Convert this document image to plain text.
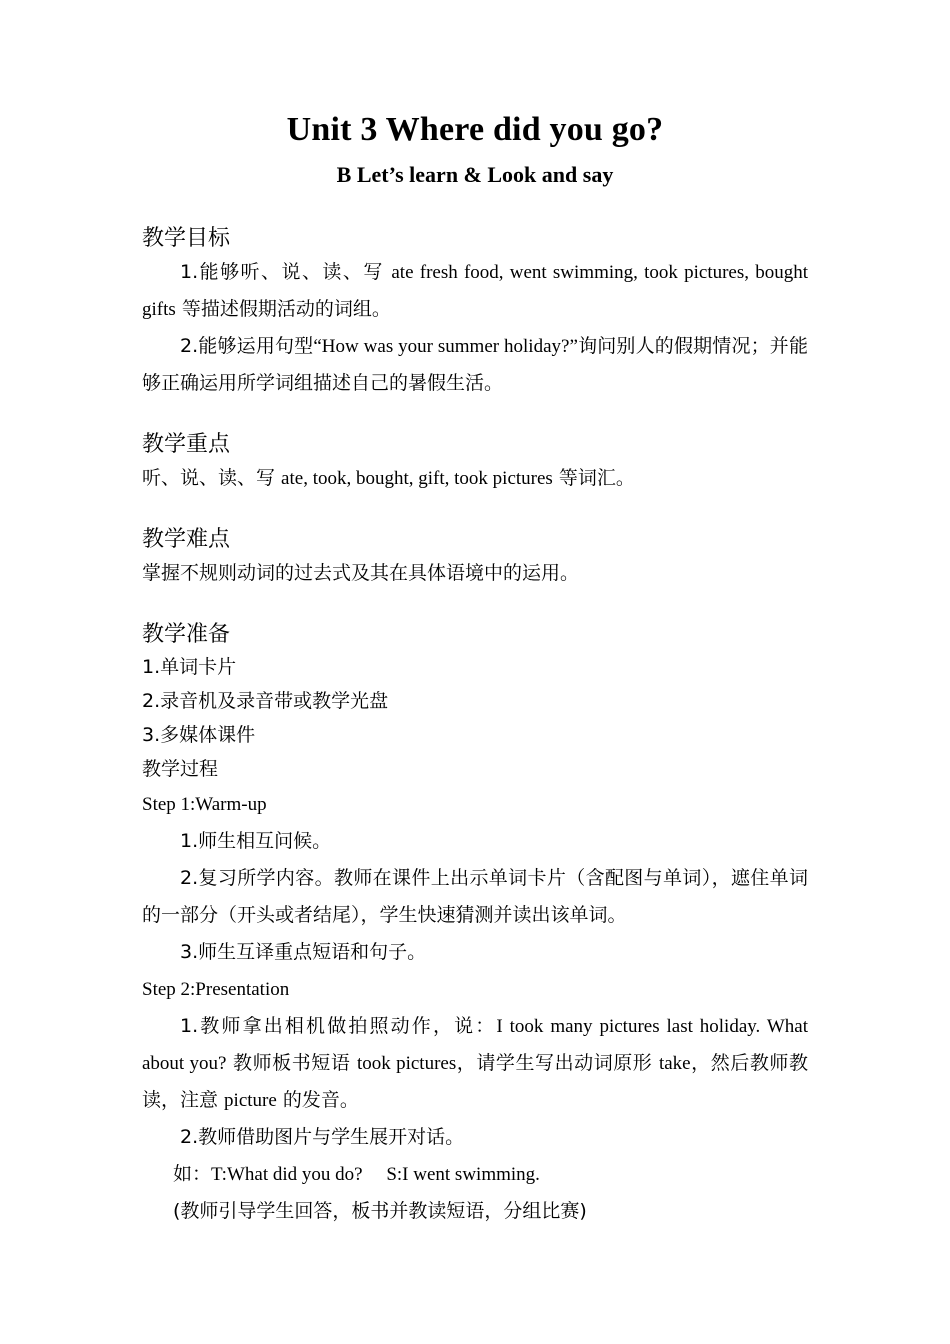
Unit 3 Where did you go?
B Let’s learn & Look and say

教学目标

1.能够听、说、读、写 ate fresh food, went swimming, took pictures, bought gifts 等描述假期活动的词组。

2.能够运用句型“How was your summer holiday?”询问别人的假期情况；并能够正确运用所学词组描述自己的暑假生活。

教学重点

听、说、读、写 ate, took, bought, gift, took pictures 等词汇。

教学难点

掌握不规则动词的过去式及其在具体语境中的运用。

教学准备

1.单词卡片

2.录音机及录音带或教学光盘

3.多媒体课件

教学过程

Step 1:Warm-up

1.师生相互问候。

2.复习所学内容。教师在课件上出示单词卡片（含配图与单词），遮住单词的一部分（开头或者结尾），学生快速猜测并读出该单词。

3.师生互译重点短语和句子。

Step 2:Presentation

1.教师拿出相机做拍照动作，说：I took many pictures last holiday. What about you? 教师板书短语 took pictures，请学生写出动词原形 take，然后教师教读，注意 picture 的发音。

2.教师借助图片与学生展开对话。

如：T:What did you do? S:I went swimming.

(教师引导学生回答，板书并教读短语，分组比赛)
